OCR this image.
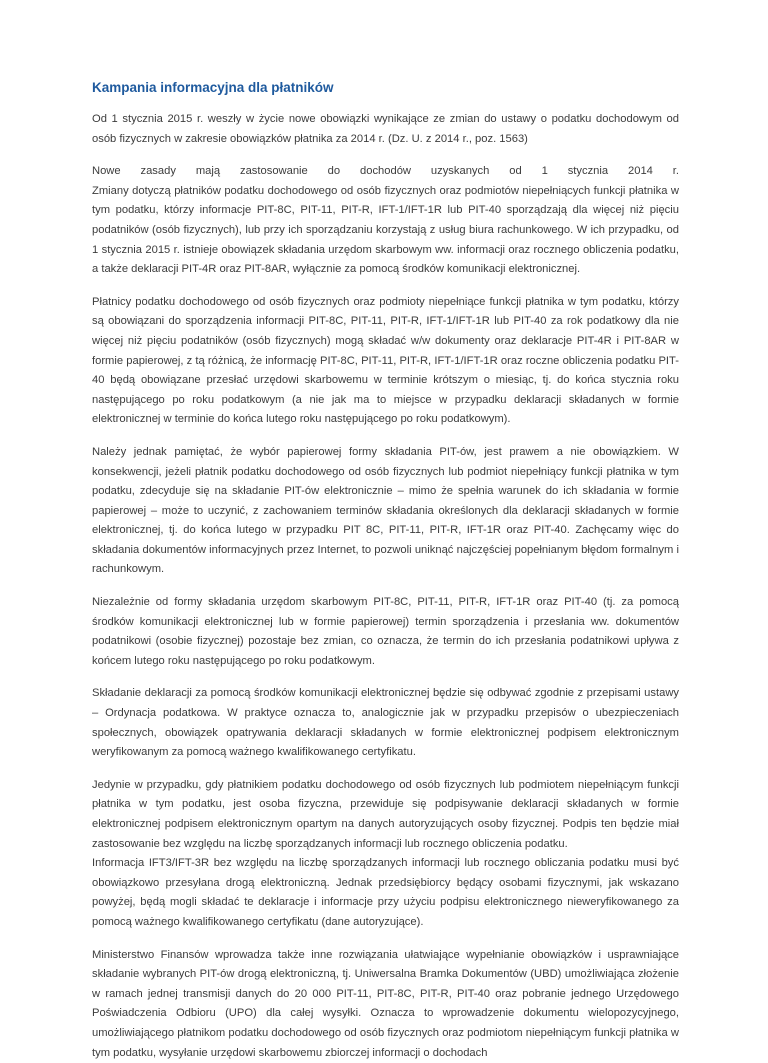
Kampania informacyjna dla płatników

Od 1 stycznia 2015 r. weszły w życie nowe obowiązki wynikające ze zmian do ustawy o podatku dochodowym od osób fizycznych w zakresie obowiązków płatnika za 2014 r. (Dz. U. z 2014 r., poz. 1563)

Nowe zasady mają zastosowanie do dochodów uzyskanych od 1 stycznia 2014 r.
Zmiany dotyczą płatników podatku dochodowego od osób fizycznych oraz podmiotów niepełniących funkcji płatnika w tym podatku, którzy informacje PIT-8C, PIT-11, PIT-R, IFT-1/IFT-1R lub PIT-40 sporządzają dla więcej niż pięciu podatników (osób fizycznych), lub przy ich sporządzaniu korzystają z usług biura rachunkowego. W ich przypadku, od 1 stycznia 2015 r. istnieje obowiązek składania urzędom skarbowym ww. informacji oraz rocznego obliczenia podatku, a także deklaracji PIT-4R oraz PIT-8AR, wyłącznie za pomocą środków komunikacji elektronicznej.

Płatnicy podatku dochodowego od osób fizycznych oraz podmioty niepełniące funkcji płatnika w tym podatku, którzy są obowiązani do sporządzenia informacji PIT-8C, PIT-11, PIT-R, IFT-1/IFT-1R lub PIT-40 za rok podatkowy dla nie więcej niż pięciu podatników (osób fizycznych) mogą składać w/w dokumenty oraz deklaracje PIT-4R i PIT-8AR w formie papierowej, z tą różnicą, że informację PIT-8C, PIT-11, PIT-R, IFT-1/IFT-1R oraz roczne obliczenia podatku PIT-40 będą obowiązane przesłać urzędowi skarbowemu w terminie krótszym o miesiąc, tj. do końca stycznia roku następującego po roku podatkowym (a nie jak ma to miejsce w przypadku deklaracji składanych w formie elektronicznej w terminie do końca lutego roku następującego po roku podatkowym).

Należy jednak pamiętać, że wybór papierowej formy składania PIT-ów, jest prawem a nie obowiązkiem. W konsekwencji, jeżeli płatnik podatku dochodowego od osób fizycznych lub podmiot niepełniący funkcji płatnika w tym podatku, zdecyduje się na składanie PIT-ów elektronicznie – mimo że spełnia warunek do ich składania w formie papierowej – może to uczynić, z zachowaniem terminów składania określonych dla deklaracji składanych w formie elektronicznej, tj. do końca lutego w przypadku PIT 8C, PIT-11, PIT-R, IFT-1R oraz PIT-40. Zachęcamy więc do składania dokumentów informacyjnych przez Internet, to pozwoli uniknąć najczęściej popełnianym błędom formalnym i rachunkowym.

Niezależnie od formy składania urzędom skarbowym PIT-8C, PIT-11, PIT-R, IFT-1R oraz PIT-40 (tj. za pomocą środków komunikacji elektronicznej lub w formie papierowej) termin sporządzenia i przesłania ww. dokumentów podatnikowi (osobie fizycznej) pozostaje bez zmian, co oznacza, że termin do ich przesłania podatnikowi upływa z końcem lutego roku następującego po roku podatkowym.

Składanie deklaracji za pomocą środków komunikacji elektronicznej będzie się odbywać zgodnie z przepisami ustawy – Ordynacja podatkowa. W praktyce oznacza to, analogicznie jak w przypadku przepisów o ubezpieczeniach społecznych, obowiązek opatrywania deklaracji składanych w formie elektronicznej podpisem elektronicznym weryfikowanym za pomocą ważnego kwalifikowanego certyfikatu.

Jedynie w przypadku, gdy płatnikiem podatku dochodowego od osób fizycznych lub podmiotem niepełniącym funkcji płatnika w tym podatku, jest osoba fizyczna, przewiduje się podpisywanie deklaracji składanych w formie elektronicznej podpisem elektronicznym opartym na danych autoryzujących osoby fizycznej. Podpis ten będzie miał zastosowanie bez względu na liczbę sporządzanych informacji lub rocznego obliczenia podatku.
Informacja IFT3/IFT-3R bez względu na liczbę sporządzanych informacji lub rocznego obliczania podatku musi być obowiązkowo przesyłana drogą elektroniczną. Jednak przedsiębiorcy będący osobami fizycznymi, jak wskazano powyżej, będą mogli składać te deklaracje i informacje przy użyciu podpisu elektronicznego nieweryfikowanego za pomocą ważnego kwalifikowanego certyfikatu (dane autoryzujące).

Ministerstwo Finansów wprowadza także inne rozwiązania ułatwiające wypełnianie obowiązków i usprawniające składanie wybranych PIT-ów drogą elektroniczną, tj. Uniwersalna Bramka Dokumentów (UBD) umożliwiająca złożenie w ramach jednej transmisji danych do 20 000 PIT-11, PIT-8C, PIT-R, PIT-40 oraz pobranie jednego Urzędowego Poświadczenia Odbioru (UPO) dla całej wysyłki. Oznacza to wprowadzenie dokumentu wielopozycyjnego, umożliwiającego płatnikom podatku dochodowego od osób fizycznych oraz podmiotom niepełniącym funkcji płatnika w tym podatku, wysyłanie urzędowi skarbowemu zbiorczej informacji o dochodach
